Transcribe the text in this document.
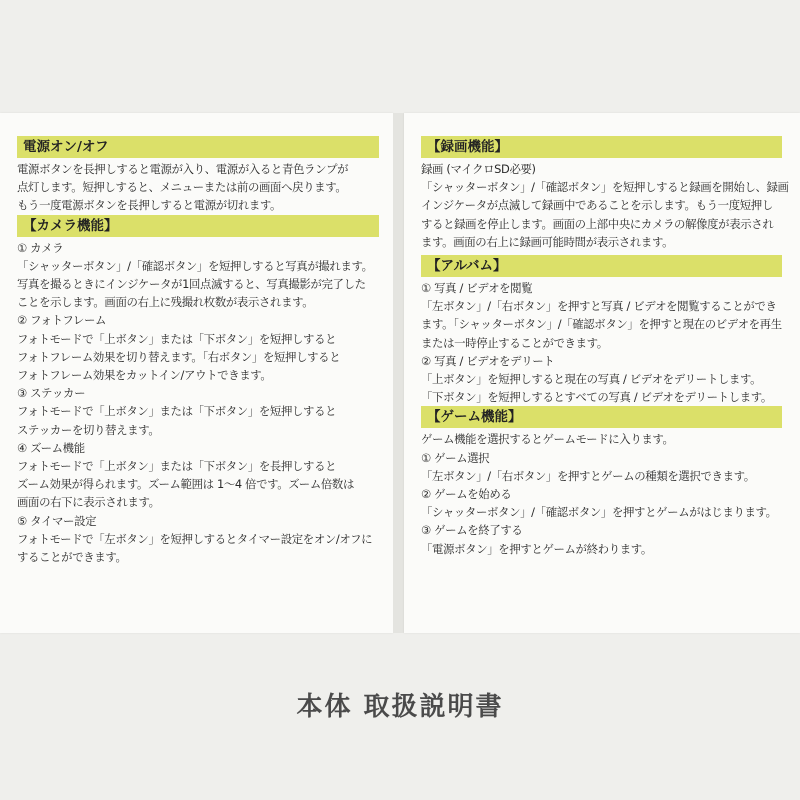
電源オン/オフ
電源ボタンを長押しすると電源が入り、電源が入ると青色ランプが
点灯します。短押しすると、メニューまたは前の画面へ戻ります。
もう一度電源ボタンを長押しすると電源が切れます。
【カメラ機能】
① カメラ
「シャッターボタン」/「確認ボタン」を短押しすると写真が撮れます。
写真を撮るときにインジケータが1回点滅すると、写真撮影が完了した
ことを示します。画面の右上に残撮れ枚数が表示されます。
② フォトフレーム
フォトモードで「上ボタン」または「下ボタン」を短押しすると
フォトフレーム効果を切り替えます。「右ボタン」を短押しすると
フォトフレーム効果をカットイン/アウトできます。
③ ステッカー
フォトモードで「上ボタン」または「下ボタン」を短押しすると
ステッカーを切り替えます。
④ ズーム機能
フォトモードで「上ボタン」または「下ボタン」を長押しすると
ズーム効果が得られます。ズーム範囲は 1～4 倍です。ズーム倍数は
画面の右下に表示されます。
⑤ タイマー設定
フォトモードで「左ボタン」を短押しするとタイマー設定をオン/オフに
することができます。
【録画機能】
録画 (マイクロSD必要)
「シャッターボタン」/「確認ボタン」を短押しすると録画を開始し、録画
インジケータが点滅して録画中であることを示します。もう一度短押し
すると録画を停止します。画面の上部中央にカメラの解像度が表示され
ます。画面の右上に録画可能時間が表示されます。
【アルバム】
① 写真 / ビデオを閲覧
「左ボタン」/「右ボタン」を押すと写真 / ビデオを閲覧することができ
ます。「シャッターボタン」/「確認ボタン」を押すと現在のビデオを再生
または一時停止することができます。
② 写真 / ビデオをデリート
「上ボタン」を短押しすると現在の写真 / ビデオをデリートします。
「下ボタン」を短押しするとすべての写真 / ビデオをデリートします。
【ゲーム機能】
ゲーム機能を選択するとゲームモードに入ります。
① ゲーム選択
「左ボタン」/「右ボタン」を押すとゲームの種類を選択できます。
② ゲームを始める
「シャッターボタン」/「確認ボタン」を押すとゲームがはじまります。
③ ゲームを終了する
「電源ボタン」を押すとゲームが終わります。
本体 取扱説明書
